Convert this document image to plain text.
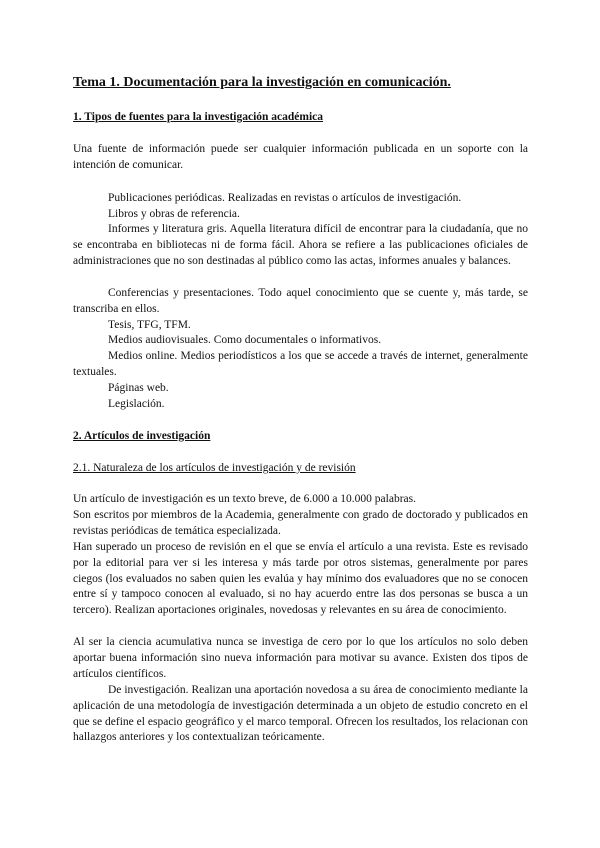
Tema 1. Documentación para la investigación en comunicación.

1. Tipos de fuentes para la investigación académica

Una fuente de información puede ser cualquier información publicada en un soporte con la intención de comunicar.

Publicaciones periódicas. Realizadas en revistas o artículos de investigación.

Libros y obras de referencia.

Informes y literatura gris. Aquella literatura difícil de encontrar para la ciudadanía, que no se encontraba en bibliotecas ni de forma fácil. Ahora se refiere a las publicaciones oficiales de administraciones que no son destinadas al público como las actas, informes anuales y balances.

Conferencias y presentaciones. Todo aquel conocimiento que se cuente y, más tarde, se transcriba en ellos.

Tesis, TFG, TFM.

Medios audiovisuales. Como documentales o informativos.

Medios online. Medios periodísticos a los que se accede a través de internet, generalmente textuales.

Páginas web.

Legislación.

2. Artículos de investigación

2.1. Naturaleza de los artículos de investigación y de revisión

Un artículo de investigación es un texto breve, de 6.000 a 10.000 palabras.

Son escritos por miembros de la Academia, generalmente con grado de doctorado y publicados en revistas periódicas de temática especializada.

Han superado un proceso de revisión en el que se envía el artículo a una revista. Este es revisado por la editorial para ver si les interesa y más tarde por otros sistemas, generalmente por pares ciegos (los evaluados no saben quien les evalúa y hay mínimo dos evaluadores que no se conocen entre sí y tampoco conocen al evaluado, si no hay acuerdo entre las dos personas se busca a un tercero). Realizan aportaciones originales, novedosas y relevantes en su área de conocimiento.

Al ser la ciencia acumulativa nunca se investiga de cero por lo que los artículos no solo deben aportar buena información sino nueva información para motivar su avance. Existen dos tipos de artículos científicos.

De investigación. Realizan una aportación novedosa a su área de conocimiento mediante la aplicación de una metodología de investigación determinada a un objeto de estudio concreto en el que se define el espacio geográfico y el marco temporal. Ofrecen los resultados, los relacionan con hallazgos anteriores y los contextualizan teóricamente.
